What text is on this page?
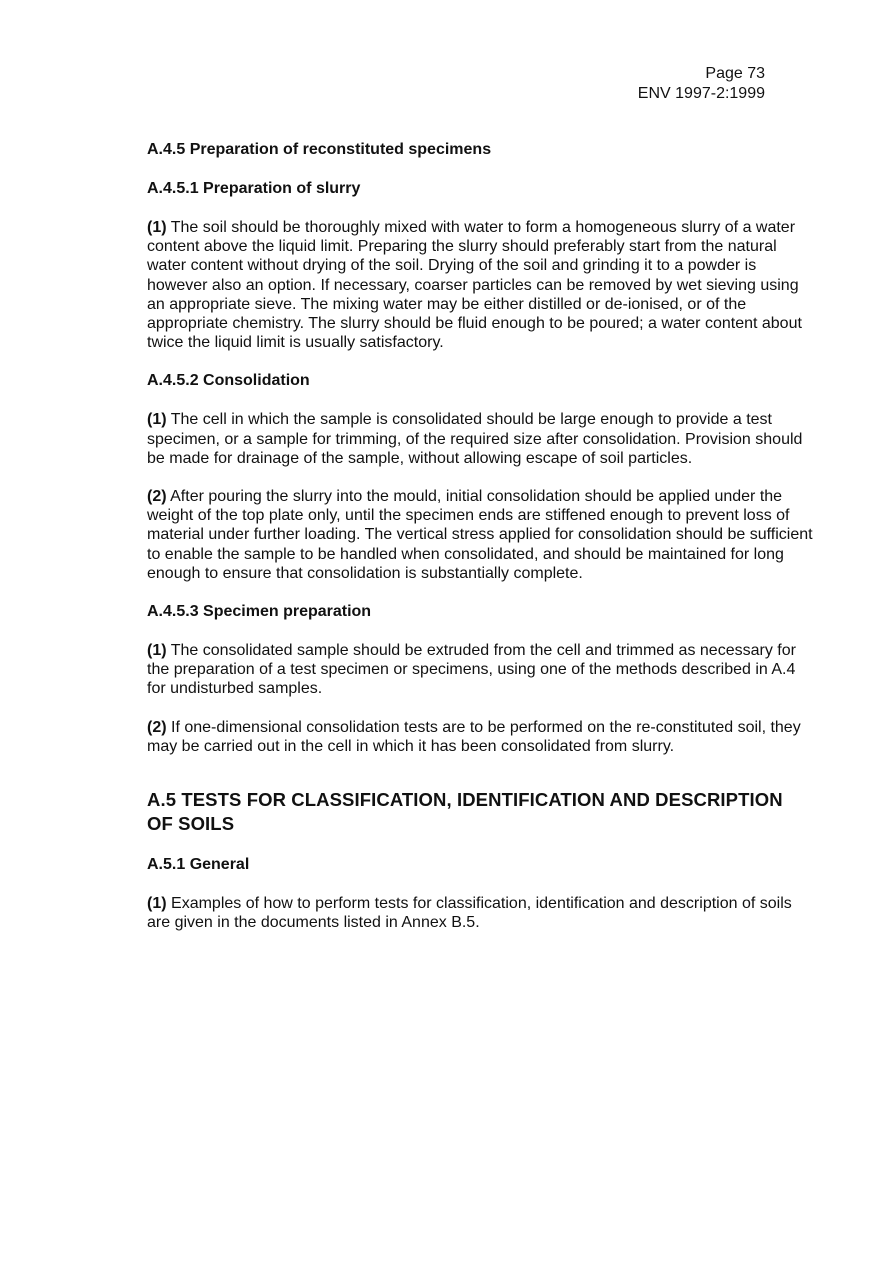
Page 73
ENV 1997-2:1999
A.4.5 Preparation of reconstituted specimens
A.4.5.1 Preparation of slurry

(1) The soil should be thoroughly mixed with water to form a homogeneous slurry of a water content above the liquid limit. Preparing the slurry should preferably start from the natural water content without drying of the soil. Drying of the soil and grinding it to a powder is however also an option. If necessary, coarser particles can be removed by wet sieving using an appropriate sieve. The mixing water may be either distilled or de-ionised, or of the appropriate chemistry. The slurry should be fluid enough to be poured; a water content about twice the liquid limit is usually satisfactory.

A.4.5.2 Consolidation

(1) The cell in which the sample is consolidated should be large enough to provide a test specimen, or a sample for trimming, of the required size after consolidation. Provision should be made for drainage of the sample, without allowing escape of soil particles.

(2) After pouring the slurry into the mould, initial consolidation should be applied under the weight of the top plate only, until the specimen ends are stiffened enough to prevent loss of material under further loading. The vertical stress applied for consolidation should be sufficient to enable the sample to be handled when consolidated, and should be maintained for long enough to ensure that consolidation is substantially complete.

A.4.5.3 Specimen preparation

(1) The consolidated sample should be extruded from the cell and trimmed as necessary for the preparation of a test specimen or specimens, using one of the methods described in A.4 for undisturbed samples.

(2) If one-dimensional consolidation tests are to be performed on the re-constituted soil, they may be carried out in the cell in which it has been consolidated from slurry.

A.5 TESTS FOR CLASSIFICATION, IDENTIFICATION AND DESCRIPTION OF SOILS
A.5.1 General

(1) Examples of how to perform tests for classification, identification and description of soils are given in the documents listed in Annex B.5.
